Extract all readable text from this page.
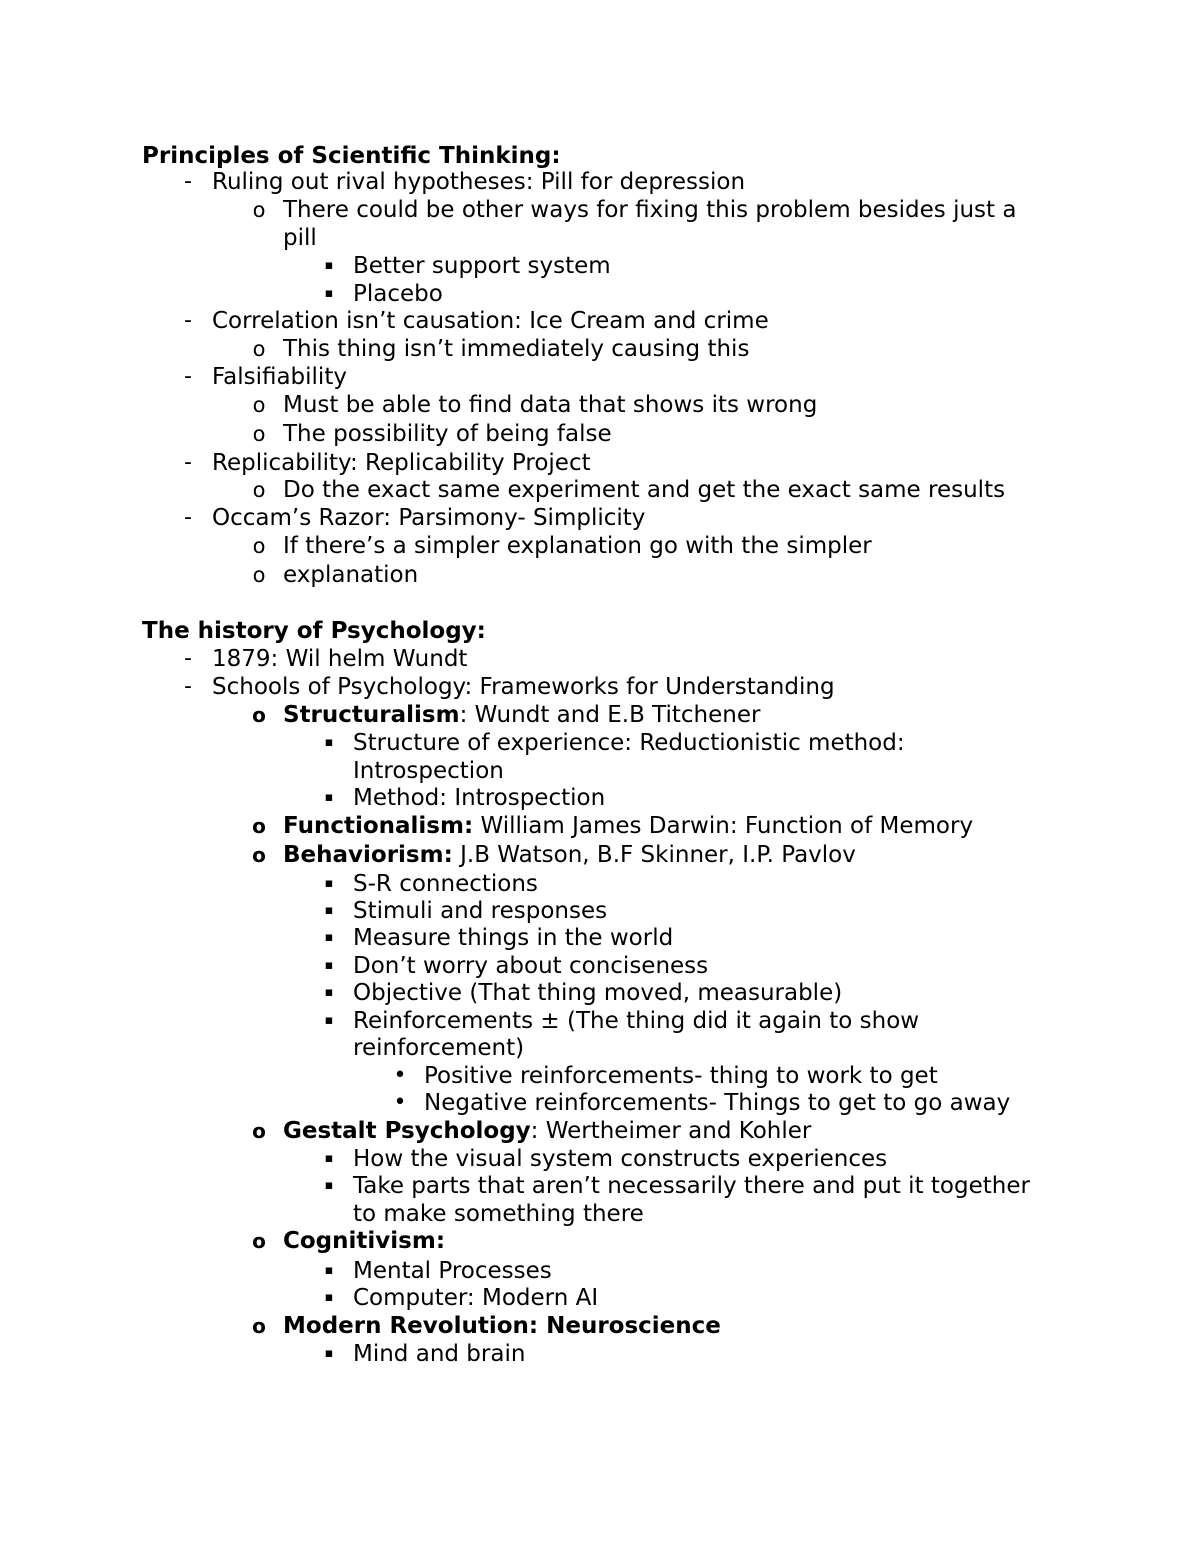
Principles of Scientific Thinking:
- Ruling out rival hypotheses: Pill for depression
o There could be other ways for fixing this problem besides just a
pill
▪ Better support system
▪ Placebo
- Correlation isn’t causation: Ice Cream and crime
o This thing isn’t immediately causing this
- Falsifiability
o Must be able to find data that shows its wrong
o The possibility of being false
- Replicability: Replicability Project
o Do the exact same experiment and get the exact same results
- Occam’s Razor: Parsimony- Simplicity
o If there’s a simpler explanation go with the simpler
o explanation
The history of Psychology:
- 1879: Wil helm Wundt
- Schools of Psychology: Frameworks for Understanding
o Structuralism: Wundt and E.B Titchener
▪ Structure of experience: Reductionistic method:
Introspection
▪ Method: Introspection
o Functionalism: William James Darwin: Function of Memory
o Behaviorism: J.B Watson, B.F Skinner, I.P. Pavlov
▪ S-R connections
▪ Stimuli and responses
▪ Measure things in the world
▪ Don’t worry about conciseness
▪ Objective (That thing moved, measurable)
▪ Reinforcements ± (The thing did it again to show
reinforcement)
• Positive reinforcements- thing to work to get
• Negative reinforcements- Things to get to go away
o Gestalt Psychology: Wertheimer and Kohler
▪ How the visual system constructs experiences
▪ Take parts that aren’t necessarily there and put it together
to make something there
o Cognitivism:
▪ Mental Processes
▪ Computer: Modern AI
o Modern Revolution: Neuroscience
▪ Mind and brain
